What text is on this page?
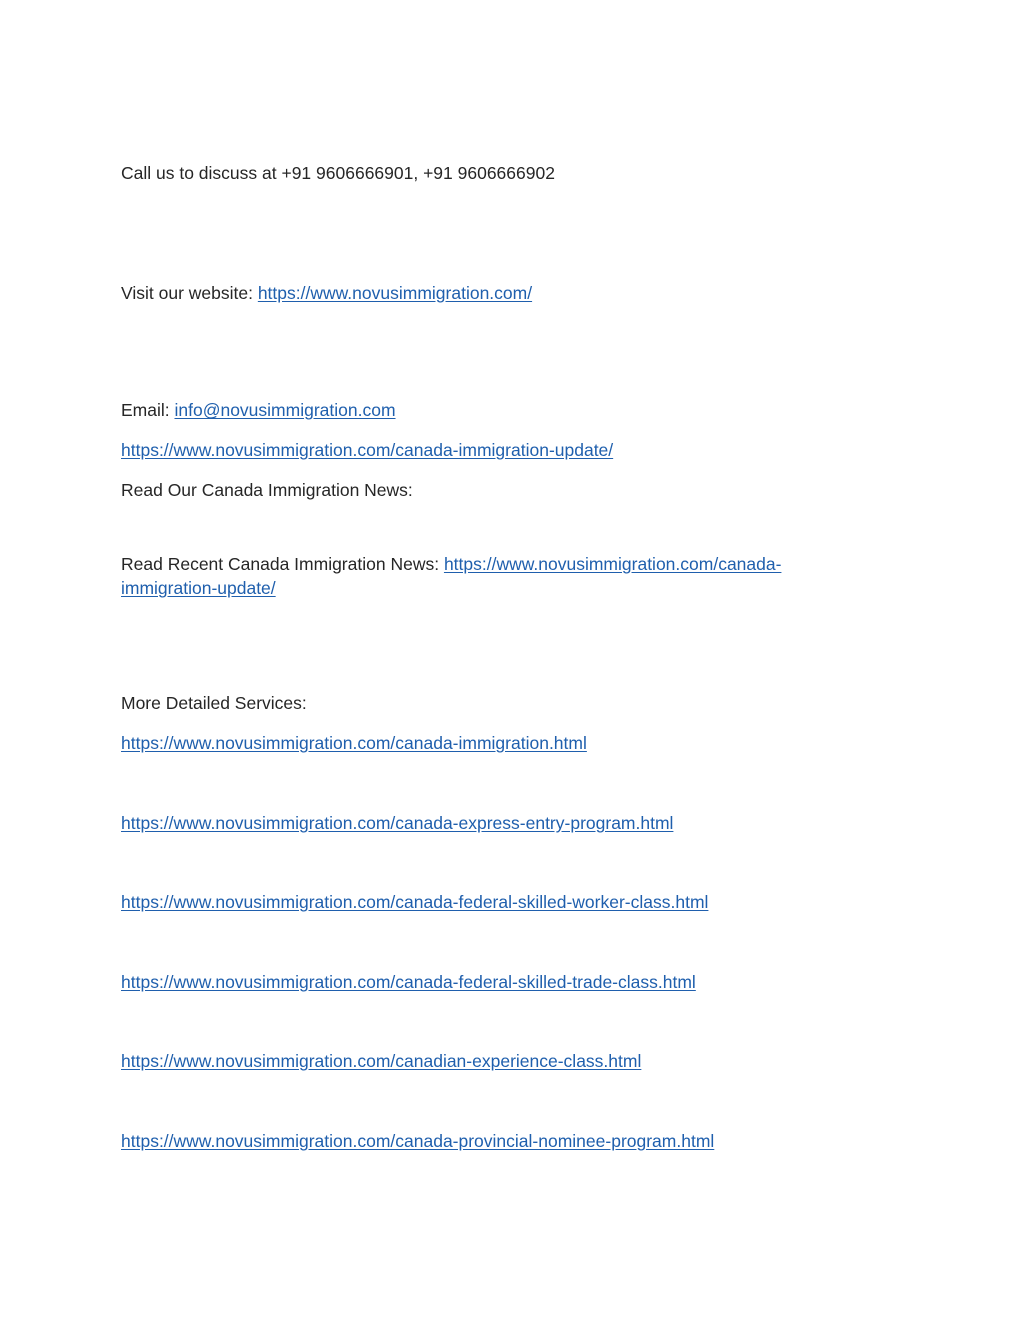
Call us to discuss at +91 9606666901, +91 9606666902

Visit our website: https://www.novusimmigration.com/

Email: info@novusimmigration.com

https://www.novusimmigration.com/canada-immigration-update/

Read Our Canada Immigration News:

Read Recent Canada Immigration News: https://www.novusimmigration.com/canada-

immigration-update/

More Detailed Services:

https://www.novusimmigration.com/canada-immigration.html

https://www.novusimmigration.com/canada-express-entry-program.html

https://www.novusimmigration.com/canada-federal-skilled-worker-class.html

https://www.novusimmigration.com/canada-federal-skilled-trade-class.html

https://www.novusimmigration.com/canadian-experience-class.html

https://www.novusimmigration.com/canada-provincial-nominee-program.html
